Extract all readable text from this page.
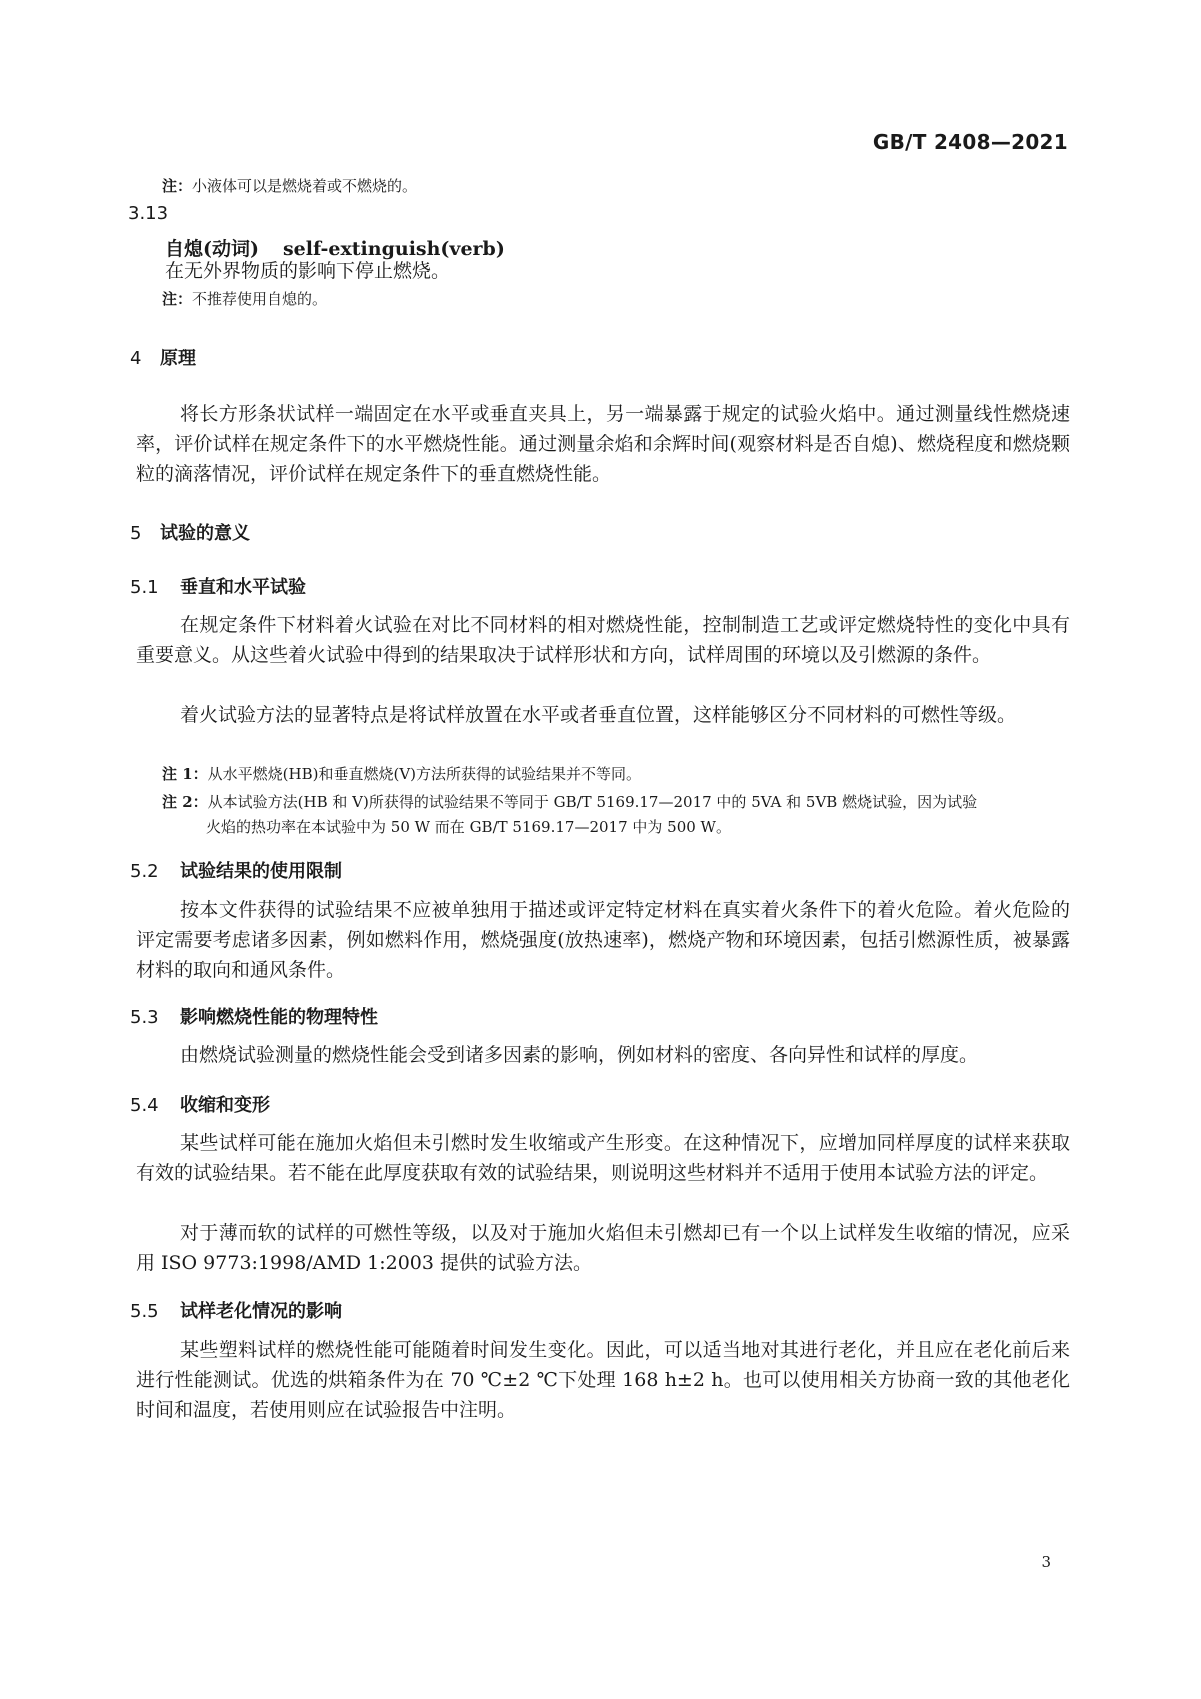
GB/T 2408—2021
注：小液体可以是燃烧着或不燃烧的。
3.13
自熄(动词) self-extinguish(verb)
在无外界物质的影响下停止燃烧。
注：不推荐使用自熄的。
4 原理
将长方形条状试样一端固定在水平或垂直夹具上，另一端暴露于规定的试验火焰中。通过测量线性燃烧速率，评价试样在规定条件下的水平燃烧性能。通过测量余焰和余辉时间(观察材料是否自熄)、燃烧程度和燃烧颗粒的滴落情况，评价试样在规定条件下的垂直燃烧性能。
5 试验的意义
5.1 垂直和水平试验
在规定条件下材料着火试验在对比不同材料的相对燃烧性能，控制制造工艺或评定燃烧特性的变化中具有重要意义。从这些着火试验中得到的结果取决于试样形状和方向，试样周围的环境以及引燃源的条件。
着火试验方法的显著特点是将试样放置在水平或者垂直位置，这样能够区分不同材料的可燃性等级。
注 1：从水平燃烧(HB)和垂直燃烧(V)方法所获得的试验结果并不等同。
注 2：从本试验方法(HB 和 V)所获得的试验结果不等同于 GB/T 5169.17—2017 中的 5VA 和 5VB 燃烧试验，因为试验火焰的热功率在本试验中为 50 W 而在 GB/T 5169.17—2017 中为 500 W。
5.2 试验结果的使用限制
按本文件获得的试验结果不应被单独用于描述或评定特定材料在真实着火条件下的着火危险。着火危险的评定需要考虑诸多因素，例如燃料作用，燃烧强度(放热速率)，燃烧产物和环境因素，包括引燃源性质，被暴露材料的取向和通风条件。
5.3 影响燃烧性能的物理特性
由燃烧试验测量的燃烧性能会受到诸多因素的影响，例如材料的密度、各向异性和试样的厚度。
5.4 收缩和变形
某些试样可能在施加火焰但未引燃时发生收缩或产生形变。在这种情况下，应增加同样厚度的试样来获取有效的试验结果。若不能在此厚度获取有效的试验结果，则说明这些材料并不适用于使用本试验方法的评定。
对于薄而软的试样的可燃性等级，以及对于施加火焰但未引燃却已有一个以上试样发生收缩的情况，应采用 ISO 9773:1998/AMD 1:2003 提供的试验方法。
5.5 试样老化情况的影响
某些塑料试样的燃烧性能可能随着时间发生变化。因此，可以适当地对其进行老化，并且应在老化前后来进行性能测试。优选的烘箱条件为在 70 ℃±2 ℃下处理 168 h±2 h。也可以使用相关方协商一致的其他老化时间和温度，若使用则应在试验报告中注明。
3
